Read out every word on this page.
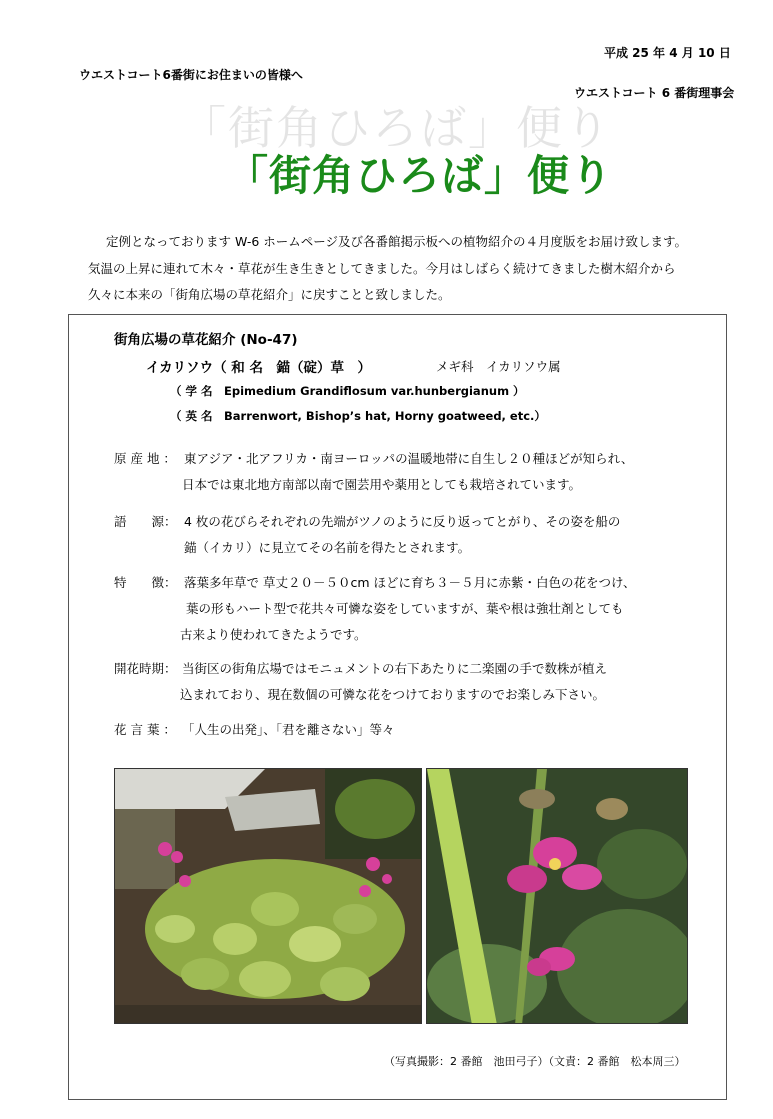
平成 25 年 4 月 10 日
ウエストコート6番街にお住まいの皆様へ
ウエストコート 6 番街理事会
「街角ひろば」便り
「街角ひろば」便り
定例となっております W-6 ホームページ及び各番館掲示板への植物紹介の４月度版をお届け致します。
気温の上昇に連れて木々・草花が生き生きとしてきました。今月はしばらく続けてきました樹木紹介から
久々に本来の「街角広場の草花紹介」に戻すことと致しました。
街角広場の草花紹介 (No-47)
イカリソウ（ 和 名　錨（碇）草　）	メギ科　イカリソウ属
（ 学 名　Epimedium Grandiflosum var.hunbergianum ）
（ 英 名　Barrenwort, Bishop’s hat, Horny goatweed, etc.）
原 産 地 ： 東アジア・北アフリカ・南ヨーロッパの温暖地帯に自生し２０種ほどが知られ、
日本では東北地方南部以南で園芸用や薬用としても栽培されています。
語　　源： 4 枚の花びらそれぞれの先端がツノのように反り返ってとがり、その姿を船の
錨（イカリ）に見立てその名前を得たとされます。
特　　徴： 落葉多年草で 草丈２０－５０cm ほどに育ち３－５月に赤紫・白色の花をつけ、
葉の形もハート型で花共々可憐な姿をしていますが、葉や根は強壮剤としても
古来より使われてきたようです。
開花時期： 当街区の街角広場ではモニュメントの右下あたりに二楽園の手で数株が植え
込まれており、現在数個の可憐な花をつけておりますのでお楽しみ下さい。
花 言 葉 ： 「人生の出発」、「君を離さない」等々
（写真撮影：2 番館　池田弓子）（文責：2 番館　松本周三）
